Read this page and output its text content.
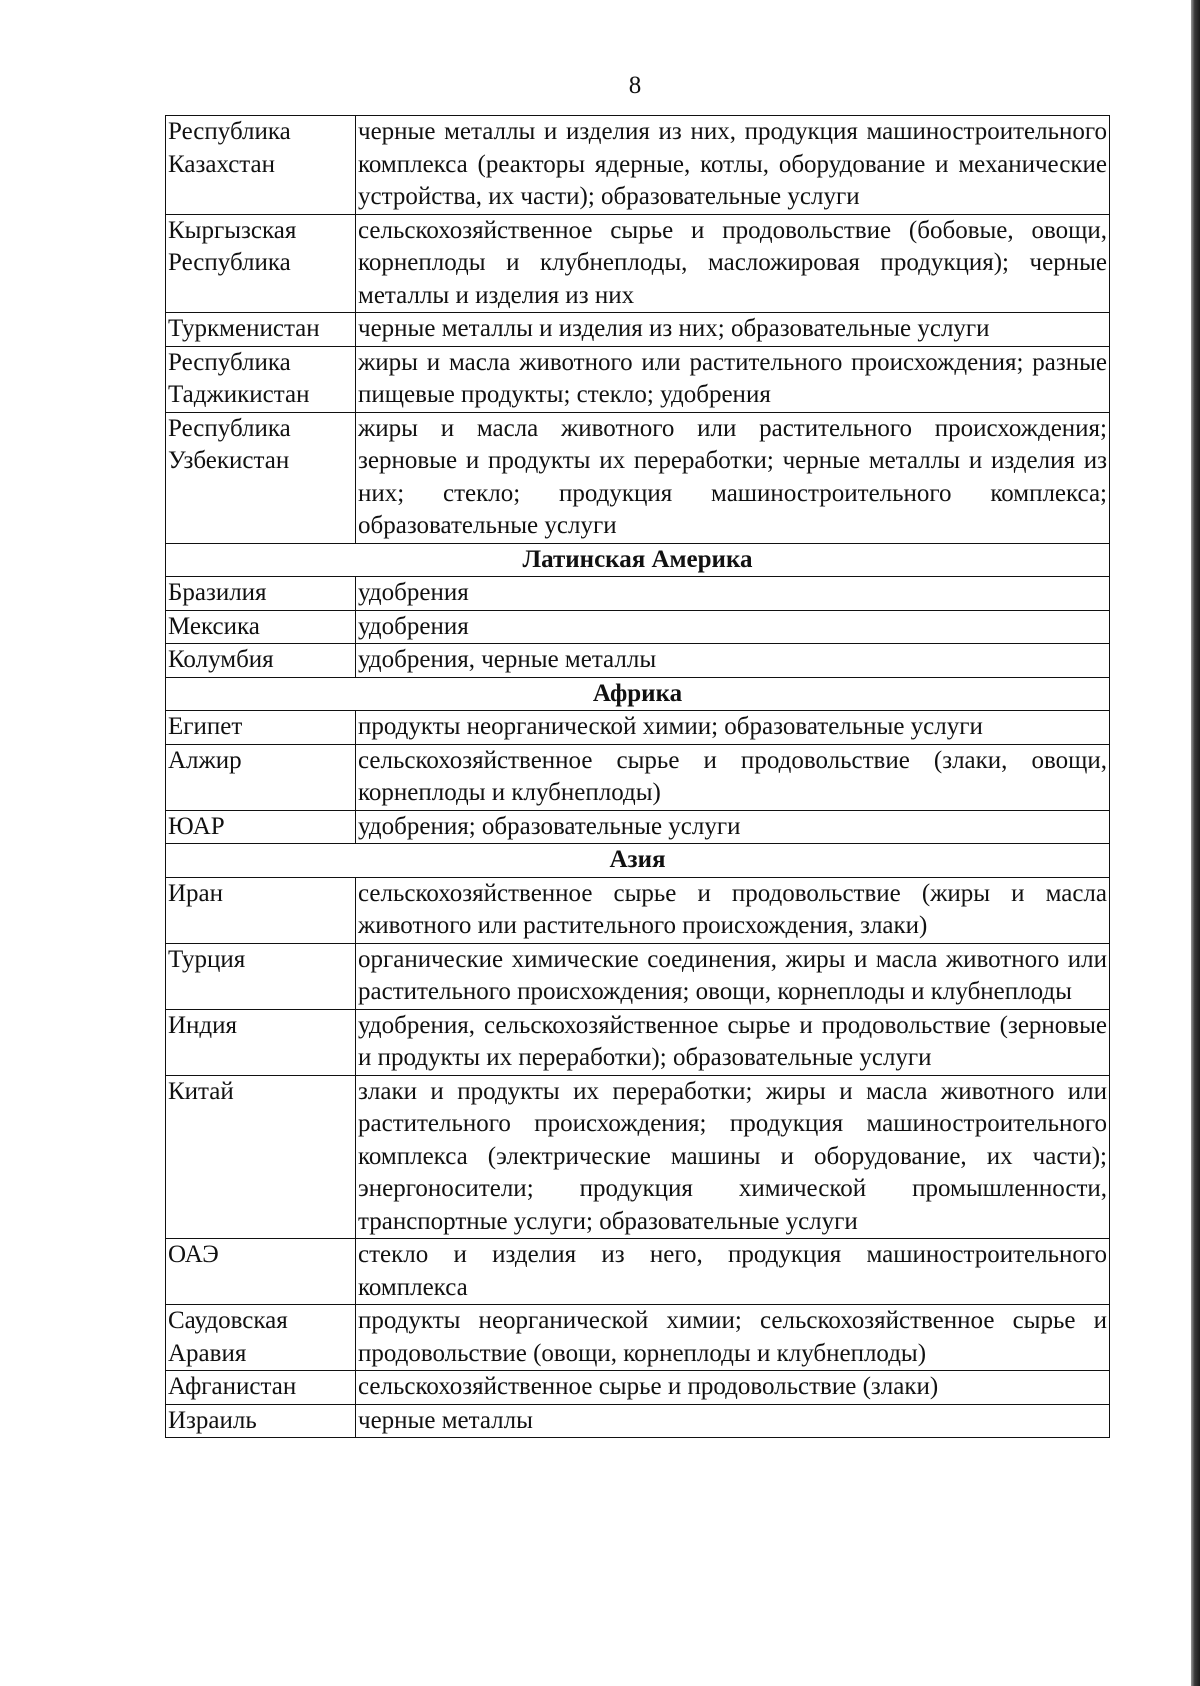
8
Республика
Казахстан	черные металлы и изделия из них, продукция машиностроительного комплекса (реакторы ядерные, котлы, оборудование и механические устройства, их части); образовательные услуги

Кыргызская
Республика	сельскохозяйственное сырье и продовольствие (бобовые, овощи, корнеплоды и клубнеплоды, масложировая продукция); черные металлы и изделия из них

Туркменистан	черные металлы и изделия из них; образовательные услуги

Республика
Таджикистан	жиры и масла животного или растительного происхождения; разные пищевые продукты; стекло; удобрения

Республика
Узбекистан	жиры и масла животного или растительного происхождения; зерновые и продукты их переработки; черные металлы и изделия из них; стекло; продукция машиностроительного комплекса; образовательные услуги
Латинская Америка	

Бразилия	удобрения

Мексика	удобрения

Колумбия	удобрения, черные металлы
Африка	

Египет	продукты неорганической химии; образовательные услуги

Алжир	сельскохозяйственное сырье и продовольствие (злаки, овощи, корнеплоды и клубнеплоды)

ЮАР	удобрения; образовательные услуги
Азия	

Иран	сельскохозяйственное сырье и продовольствие (жиры и масла животного или растительного происхождения, злаки)

Турция	органические химические соединения, жиры и масла животного или растительного происхождения; овощи, корнеплоды и клубнеплоды

Индия	удобрения, сельскохозяйственное сырье и продовольствие (зерновые и продукты их переработки); образовательные услуги

Китай	злаки и продукты их переработки; жиры и масла животного или растительного происхождения; продукция машиностроительного комплекса (электрические машины и оборудование, их части); энергоносители; продукция химической промышленности, транспортные услуги; образовательные услуги

ОАЭ	стекло и изделия из него, продукция машиностроительного комплекса

Саудовская
Аравия	продукты неорганической химии; сельскохозяйственное сырье и продовольствие (овощи, корнеплоды и клубнеплоды)

Афганистан	сельскохозяйственное сырье и продовольствие (злаки)

Израиль	черные металлы
